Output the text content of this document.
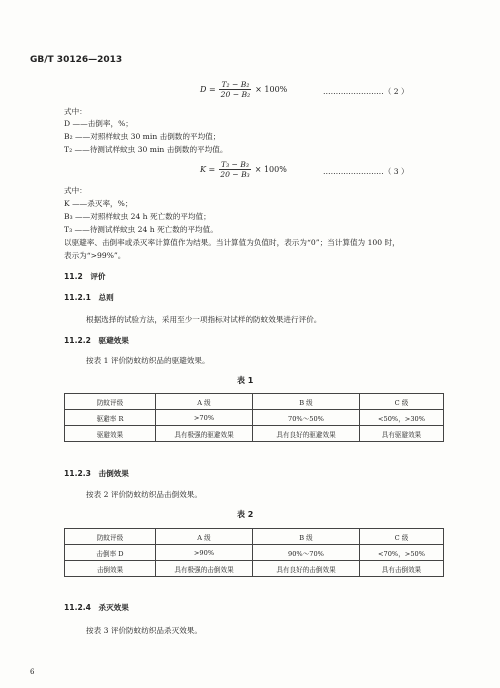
GB/T 30126—2013
$D = \frac{\text{T₂ − B₂}}{\text{20 − B₂}} \times 100\%$	……………………（ 2 ）
式中：
D ——击倒率，%；
B₂ ——对照样蚊虫 30 min 击倒数的平均值；
T₂ ——待测试样蚊虫 30 min 击倒数的平均值。
$K = \frac{\text{T₃ − B₃}}{\text{20 − B₃}} \times 100\%$	……………………（ 3 ）
式中：
K ——杀灭率，%；
B₃ ——对照样蚊虫 24 h 死亡数的平均值；
T₃ ——待测试样蚊虫 24 h 死亡数的平均值。
以驱避率、击倒率或杀灭率计算值作为结果。当计算值为负值时，表示为“0”；当计算值为 100 时，
表示为“>99%”。
11.2　评价
11.2.1　总则
根据选择的试验方法，采用至少一项指标对试样的防蚊效果进行评价。
11.2.2　驱避效果
按表 1 评价防蚊纺织品的驱避效果。
表 1
防蚊评级	A 级	B 级	C 级
驱避率 R	>70%	70%～50%	<50%，>30%
驱避效果	具有极强的驱避效果	具有良好的驱避效果	具有驱避效果
11.2.3　击倒效果
按表 2 评价防蚊纺织品击倒效果。
表 2
防蚊评级	A 级	B 级	C 级
击倒率 D	>90%	90%～70%	<70%，>50%
击倒效果	具有极强的击倒效果	具有良好的击倒效果	具有击倒效果
11.2.4　杀灭效果
按表 3 评价防蚊纺织品杀灭效果。
6
